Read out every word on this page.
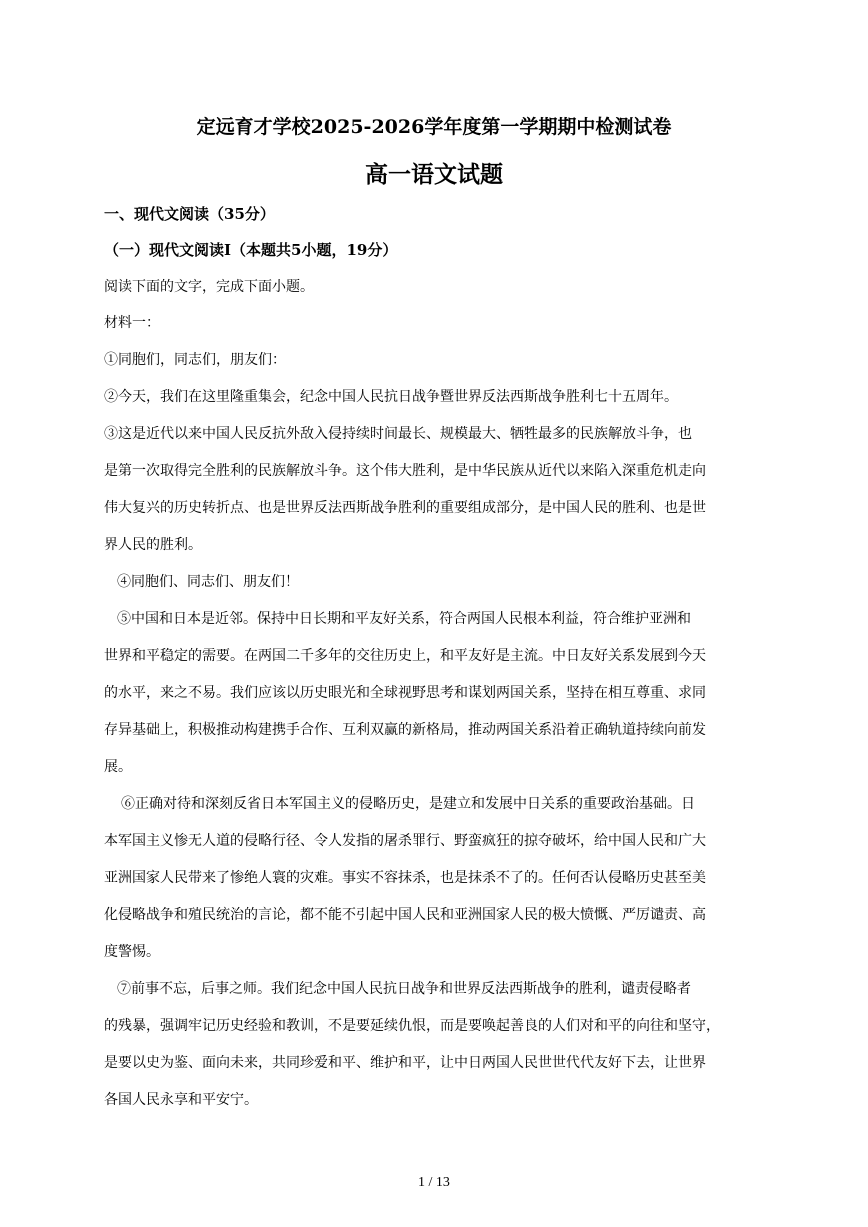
定远育才学校2025-2026学年度第一学期期中检测试卷
高一语文试题
一、现代文阅读（35分）
（一）现代文阅读I（本题共5小题，19分）
阅读下面的文字，完成下面小题。
材料一：
①同胞们，同志们，朋友们：
②今天，我们在这里隆重集会，纪念中国人民抗日战争暨世界反法西斯战争胜利七十五周年。
③这是近代以来中国人民反抗外敌入侵持续时间最长、规模最大、牺牲最多的民族解放斗争，也
是第一次取得完全胜利的民族解放斗争。这个伟大胜利，是中华民族从近代以来陷入深重危机走向
伟大复兴的历史转折点、也是世界反法西斯战争胜利的重要组成部分，是中国人民的胜利、也是世
界人民的胜利。
④同胞们、同志们、朋友们！
⑤中国和日本是近邻。保持中日长期和平友好关系，符合两国人民根本利益，符合维护亚洲和
世界和平稳定的需要。在两国二千多年的交往历史上，和平友好是主流。中日友好关系发展到今天
的水平，来之不易。我们应该以历史眼光和全球视野思考和谋划两国关系，坚持在相互尊重、求同
存异基础上，积极推动构建携手合作、互利双赢的新格局，推动两国关系沿着正确轨道持续向前发
展。
⑥正确对待和深刻反省日本军国主义的侵略历史，是建立和发展中日关系的重要政治基础。日
本军国主义惨无人道的侵略行径、令人发指的屠杀罪行、野蛮疯狂的掠夺破坏，给中国人民和广大
亚洲国家人民带来了惨绝人寰的灾难。事实不容抹杀，也是抹杀不了的。任何否认侵略历史甚至美
化侵略战争和殖民统治的言论，都不能不引起中国人民和亚洲国家人民的极大愤慨、严厉谴责、高
度警惕。
⑦前事不忘，后事之师。我们纪念中国人民抗日战争和世界反法西斯战争的胜利，谴责侵略者
的残暴，强调牢记历史经验和教训，不是要延续仇恨，而是要唤起善良的人们对和平的向往和坚守，
是要以史为鉴、面向未来，共同珍爱和平、维护和平，让中日两国人民世世代代友好下去，让世界
各国人民永享和平安宁。
1 / 13
